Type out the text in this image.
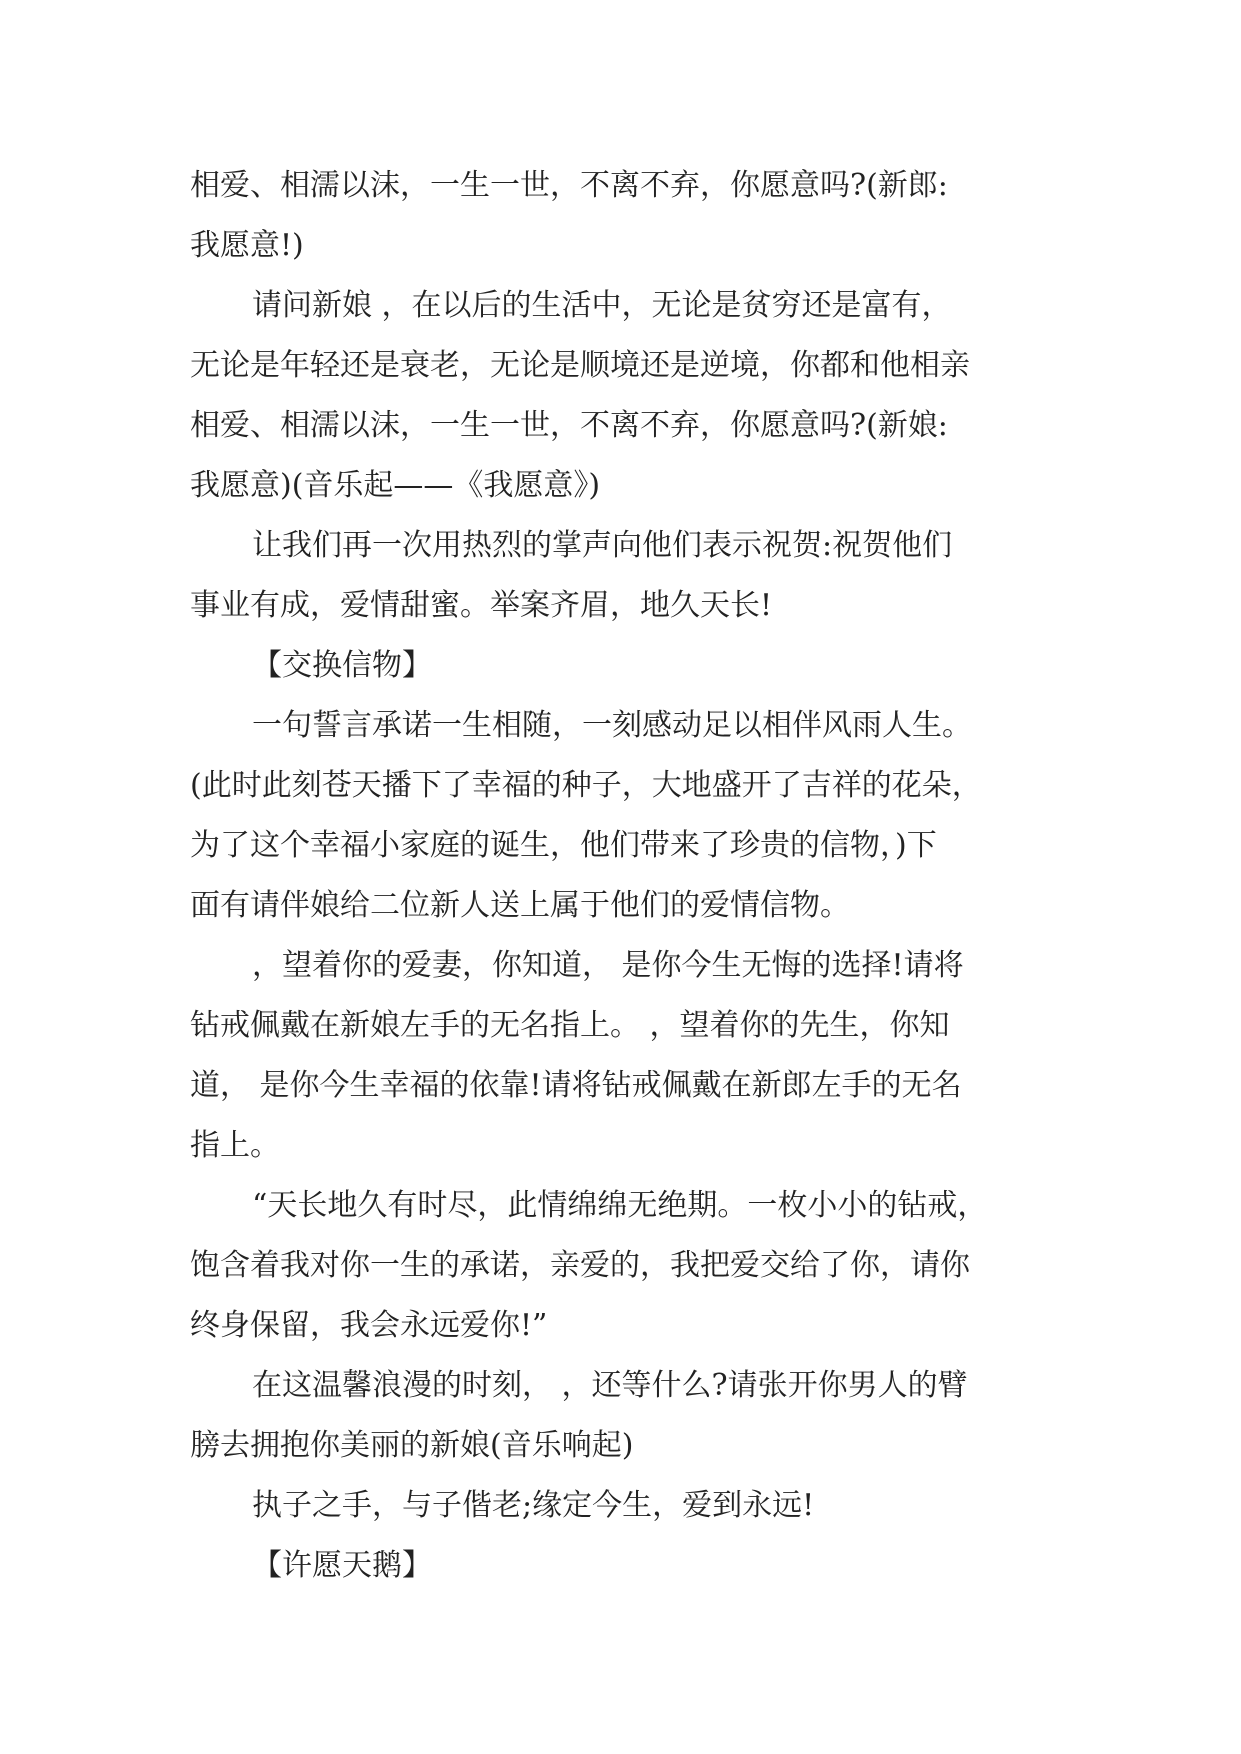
相爱、相濡以沫，一生一世，不离不弃，你愿意吗?(新郎:
我愿意!)
请问新娘 ，在以后的生活中，无论是贫穷还是富有，
无论是年轻还是衰老，无论是顺境还是逆境，你都和他相亲
相爱、相濡以沫，一生一世，不离不弃，你愿意吗?(新娘:
我愿意)(音乐起——《我愿意》)
让我们再一次用热烈的掌声向他们表示祝贺:祝贺他们
事业有成，爱情甜蜜。举案齐眉，地久天长!
【交换信物】
一句誓言承诺一生相随，一刻感动足以相伴风雨人生。
(此时此刻苍天播下了幸福的种子，大地盛开了吉祥的花朵，
为了这个幸福小家庭的诞生，他们带来了珍贵的信物，)下
面有请伴娘给二位新人送上属于他们的爱情信物。
，望着你的爱妻，你知道， 是你今生无悔的选择!请将
钻戒佩戴在新娘左手的无名指上。 ，望着你的先生，你知
道， 是你今生幸福的依靠!请将钻戒佩戴在新郎左手的无名
指上。
“天长地久有时尽，此情绵绵无绝期。一枚小小的钻戒，
饱含着我对你一生的承诺，亲爱的，我把爱交给了你，请你
终身保留，我会永远爱你!”
在这温馨浪漫的时刻， ，还等什么?请张开你男人的臂
膀去拥抱你美丽的新娘(音乐响起)
执子之手，与子偕老;缘定今生，爱到永远!
【许愿天鹅】
